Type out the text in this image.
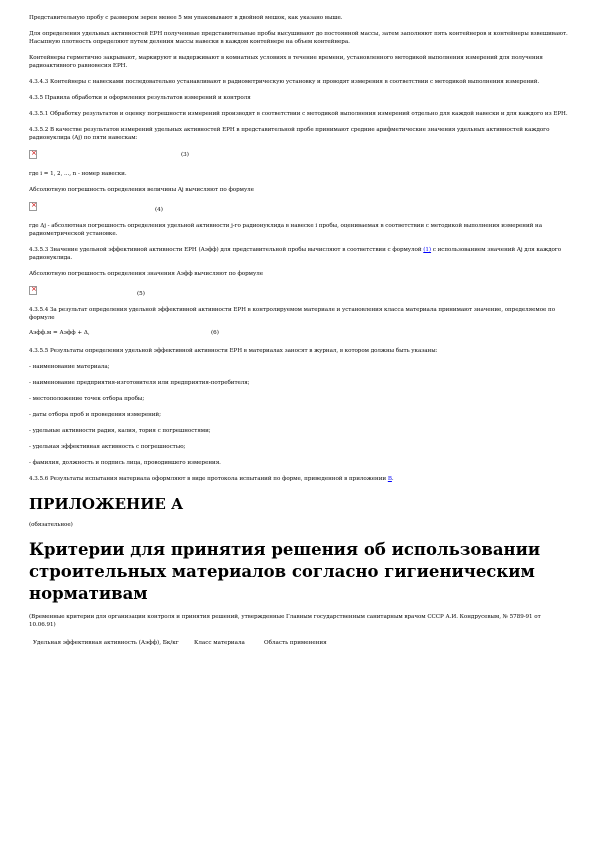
Представительную пробу с размером зерен менее 5 мм упаковывают в двойной мешок, как указано выше.

Для определения удельных активностей ЕРН полученные представительные пробы высушивают до постоянной массы, затем заполняют пять контейнеров и контейнеры взвешивают. Насыпную плотность определяют путем деления массы навески в каждом контейнере на объем контейнера.

Контейнеры герметично закрывают, маркируют и выдерживают в комнатных условиях в течение времени, установленного методикой выполнения измерений для получения радиоактивного равновесия ЕРН.

4.3.4.3 Контейнеры с навесками последовательно устанавливают в радиометрическую установку и проводят измерения в соответствии с методикой выполнения измерений.

4.3.5 Правила обработки и оформления результатов измерений и контроля

4.3.5.1 Обработку результатов и оценку погрешности измерений производят в соответствии с методикой выполнения измерений отдельно для каждой навески и для каждого из ЕРН.

4.3.5.2 В качестве результатов измерений удельных активностей ЕРН в представительной пробе принимают средние арифметические значения удельных активностей каждого радионуклида (Aj) по пяти навескам:

×
(3)

где i = 1, 2, ..., n - номер навески.

Абсолютную погрешность определения величины Aj вычисляют по формуле

×
(4)

где Δj - абсолютная погрешность определения удельной активности j-го радионуклида в навеске i пробы, оцениваемая в соответствии с методикой выполнения измерений на радиометрической установке.

4.3.5.3 Значение удельной эффективной активности ЕРН (Аэфф) для представительной пробы вычисляют в соответствии с формулой (1) с использованием значений Aj для каждого радионуклида.

Абсолютную погрешность определения значения Аэфф вычисляют по формуле

×
(5)

4.3.5.4 За результат определения удельной эффективной активности ЕРН в контролируемом материале и установления класса материала принимают значение, определяемое по формуле

Аэфф.м = Аэфф + Δ,	(6)

4.3.5.5 Результаты определения удельной эффективной активности ЕРН в материалах заносят в журнал, в котором должны быть указаны:

- наименование материала;

- наименование предприятия-изготовителя или предприятия-потребителя;

- местоположение точек отбора пробы;

- даты отбора проб и проведения измерений;

- удельные активности радия, калия, тория с погрешностями;

- удельная эффективная активность с погрешностью;

- фамилия, должность и подпись лица, проводившего измерения.

4.3.5.6 Результаты испытания материала оформляют в виде протокола испытаний по форме, приведенной в приложении В.

ПРИЛОЖЕНИЕ А

(обязательное)

Критерии для принятия решения об использовании строительных материалов согласно гигиеническим нормативам

(Временные критерии для организации контроля и принятия решений, утвержденные Главным государственным санитарным врачом СССР А.И. Кондрусевым, № 5789-91 от 10.06.91)

Удельная эффективная активность (Аэфф), Бк/кг	Класс материала	Область применения
